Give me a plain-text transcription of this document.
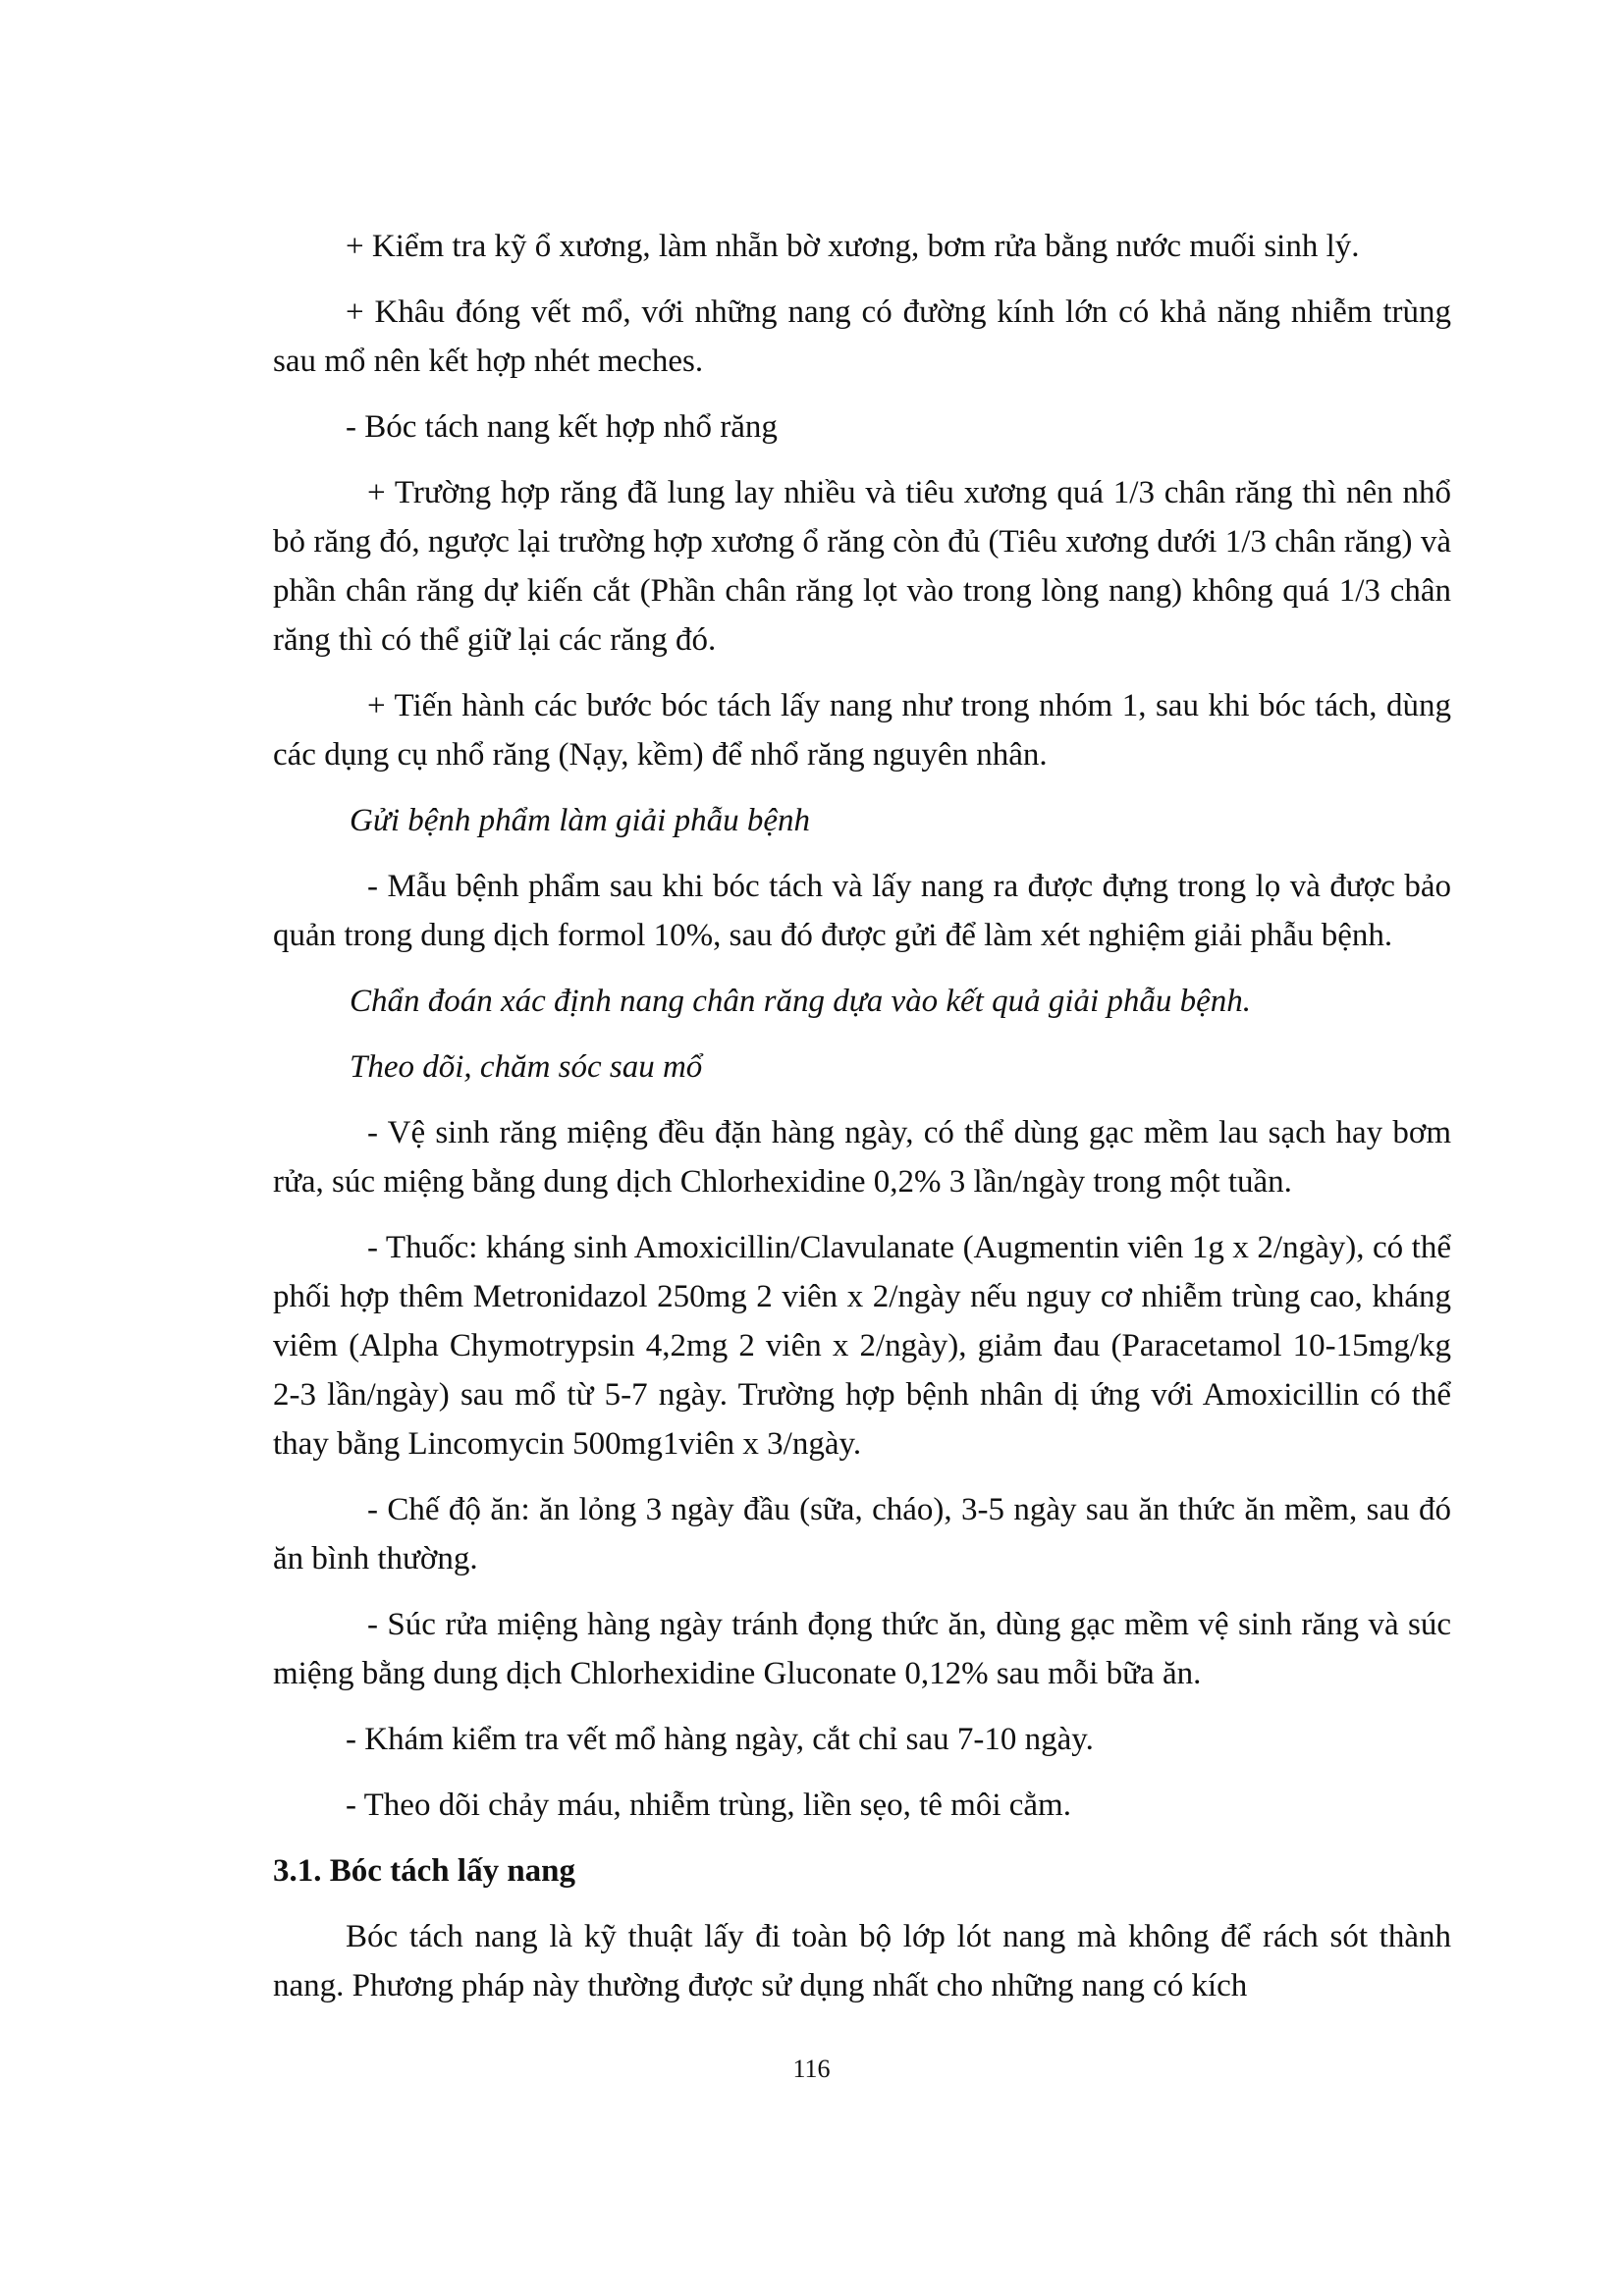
+ Kiểm tra kỹ ổ xương, làm nhẵn bờ xương, bơm rửa bằng nước muối sinh lý.

+ Khâu đóng vết mổ, với những nang có đường kính lớn có khả năng nhiễm trùng sau mổ nên kết hợp nhét meches.

- Bóc tách nang kết hợp nhổ răng

+ Trường hợp răng đã lung lay nhiều và tiêu xương quá 1/3 chân răng thì nên nhổ bỏ răng đó, ngược lại trường hợp xương ổ răng còn đủ (Tiêu xương dưới 1/3 chân răng) và phần chân răng dự kiến cắt (Phần chân răng lọt vào trong lòng nang) không quá 1/3 chân răng thì có thể giữ lại các răng đó.

+ Tiến hành các bước bóc tách lấy nang như trong nhóm 1, sau khi bóc tách, dùng các dụng cụ nhổ răng (Nạy, kềm) để nhổ răng nguyên nhân.

Gửi bệnh phẩm làm giải phẫu bệnh

- Mẫu bệnh phẩm sau khi bóc tách và lấy nang ra được đựng trong lọ và được bảo quản trong dung dịch formol 10%, sau đó được gửi để làm xét nghiệm giải phẫu bệnh.

Chẩn đoán xác định nang chân răng dựa vào kết quả giải phẫu bệnh.

Theo dõi, chăm sóc sau mổ

- Vệ sinh răng miệng đều đặn hàng ngày, có thể dùng gạc mềm lau sạch hay bơm rửa, súc miệng bằng dung dịch Chlorhexidine 0,2% 3 lần/ngày trong một tuần.

- Thuốc: kháng sinh Amoxicillin/Clavulanate (Augmentin viên 1g x 2/ngày), có thể phối hợp thêm Metronidazol 250mg 2 viên x 2/ngày nếu nguy cơ nhiễm trùng cao, kháng viêm (Alpha Chymotrypsin 4,2mg 2 viên x 2/ngày), giảm đau (Paracetamol 10-15mg/kg 2-3 lần/ngày) sau mổ từ 5-7 ngày. Trường hợp bệnh nhân dị ứng với Amoxicillin có thể thay bằng Lincomycin 500mg1viên x 3/ngày.

- Chế độ ăn: ăn lỏng 3 ngày đầu (sữa, cháo), 3-5 ngày sau ăn thức ăn mềm, sau đó ăn bình thường.

- Súc rửa miệng hàng ngày tránh đọng thức ăn, dùng gạc mềm vệ sinh răng và súc miệng bằng dung dịch Chlorhexidine Gluconate 0,12% sau mỗi bữa ăn.

- Khám kiểm tra vết mổ hàng ngày, cắt chỉ sau 7-10 ngày.

- Theo dõi chảy máu, nhiễm trùng, liền sẹo, tê môi cằm.

3.1. Bóc tách lấy nang

Bóc tách nang là kỹ thuật lấy đi toàn bộ lớp lót nang mà không để rách sót thành nang. Phương pháp này thường được sử dụng nhất cho những nang có kích

116
